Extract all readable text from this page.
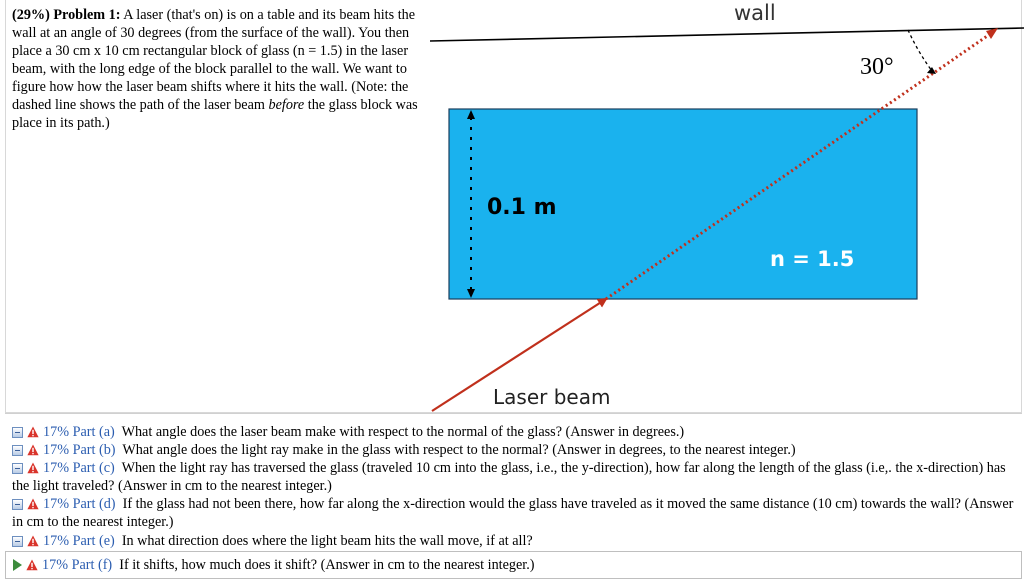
(29%) Problem 1: A laser (that's on) is on a table and its beam hits the wall at an angle of 30 degrees (from the surface of the wall). You then place a 30 cm x 10 cm rectangular block of glass (n = 1.5) in the laser beam, with the long edge of the block parallel to the wall. We want to figure how how the laser beam shifts where it hits the wall. (Note: the dashed line shows the path of the laser beam before the glass block was place in its path.)
wall
0.1 m
n = 1.5
30°
Laser beam
17% Part (a) What angle does the laser beam make with respect to the normal of the glass? (Answer in degrees.)
17% Part (b) What angle does the light ray make in the glass with respect to the normal? (Answer in degrees, to the nearest integer.)
17% Part (c) When the light ray has traversed the glass (traveled 10 cm into the glass, i.e., the y-direction), how far along the length of the glass (i.e,. the x-direction) has the light traveled? (Answer in cm to the nearest integer.)
17% Part (d) If the glass had not been there, how far along the x-direction would the glass have traveled as it moved the same distance (10 cm) towards the wall? (Answer in cm to the nearest integer.)
17% Part (e) In what direction does where the light beam hits the wall move, if at all?
17% Part (f) If it shifts, how much does it shift? (Answer in cm to the nearest integer.)
